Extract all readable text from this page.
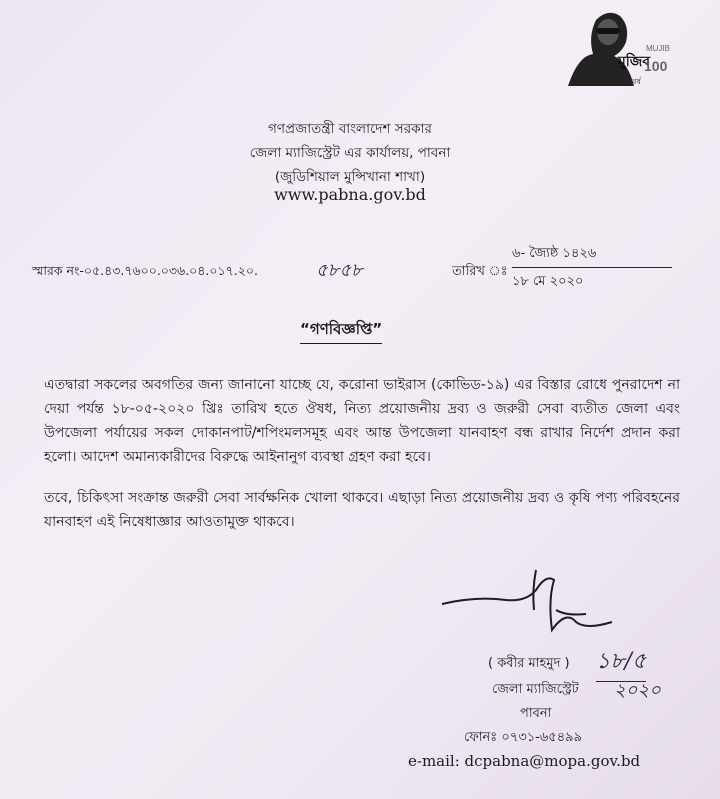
মুজিব
বর্ষ
MUJIB
100
গণপ্রজাতন্ত্রী বাংলাদেশ সরকার
জেলা ম্যাজিস্ট্রেট এর কার্যালয়, পাবনা
(জুডিশিয়াল মুন্সিখানা শাখা)
www.pabna.gov.bd
স্মারক নং-০৫.৪৩.৭৬০০.০৩৬.০৪.০১৭.২০.	৫৮৫৮	তারিখ ঃ
৬- জ্যৈষ্ঠ ১৪২৬
১৮ মে ২০২০
“গণবিজ্ঞপ্তি”
এতদ্বারা সকলের অবগতির জন্য জানানো যাচ্ছে যে, করোনা ভাইরাস (কোভিড-১৯) এর বিস্তার রোধে পুনরাদেশ না দেয়া পর্যন্ত ১৮-০৫-২০২০ খ্রিঃ তারিখ হতে ঔষধ, নিত্য প্রয়োজনীয় দ্রব্য ও জরুরী সেবা ব্যতীত জেলা এবং উপজেলা পর্যায়ের সকল দোকানপাট/শপিংমলসমূহ এবং আন্ত উপজেলা যানবাহণ বন্ধ রাখার নির্দেশ প্রদান করা হলো। আদেশ অমান্যকারীদের বিরুদ্ধে আইনানুগ ব্যবস্থা গ্রহণ করা হবে।
তবে, চিকিৎসা সংক্রান্ত জরুরী সেবা সার্বক্ষনিক খোলা থাকবে। এছাড়া নিত্য প্রয়োজনীয় দ্রব্য ও কৃষি পণ্য পরিবহনের যানবাহণ এই নিষেধাজ্ঞার আওতামুক্ত থাকবে।
১৮/৫
২০২০
( কবীর মাহমুদ )
জেলা ম্যাজিস্ট্রেট
পাবনা
ফোনঃ ০৭৩১-৬৫৪৯৯
e-mail: dcpabna@mopa.gov.bd
